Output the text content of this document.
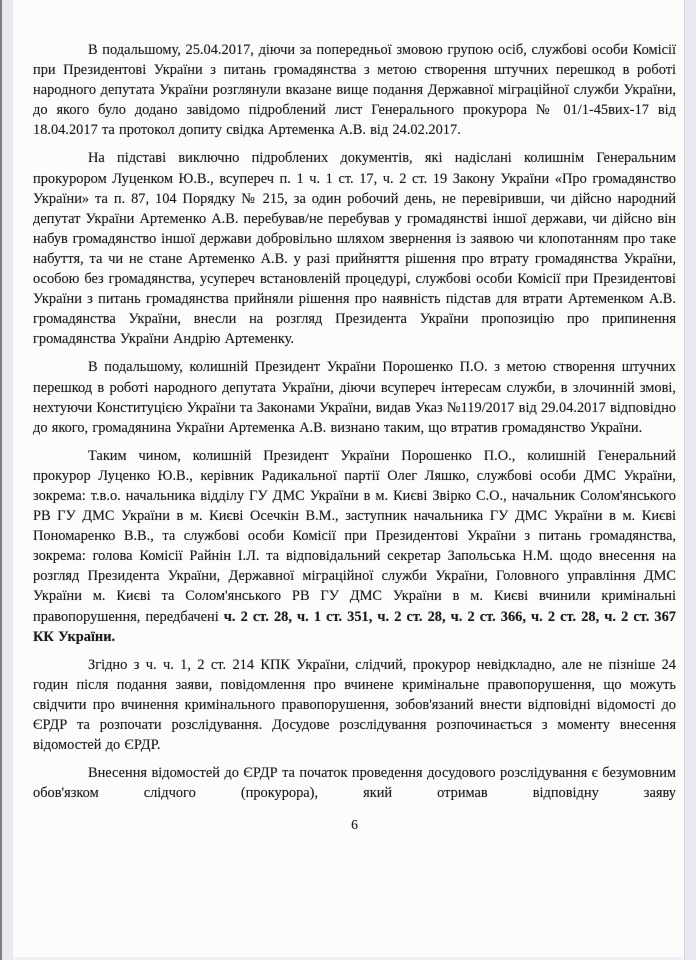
В подальшому, 25.04.2017, діючи за попередньої змовою групою осіб, службові особи Комісії при Президентові України з питань громадянства з метою створення штучних перешкод в роботі народного депутата України розглянули вказане вище подання Державної міграційної служби України, до якого було додано завідомо підроблений лист Генерального прокурора № 01/1-45вих-17 від 18.04.2017 та протокол допиту свідка Артеменка А.В. від 24.02.2017.

На підставі виключно підроблених документів, які надіслані колишнім Генеральним прокурором Луценком Ю.В., всупереч п. 1 ч. 1 ст. 17, ч. 2 ст. 19 Закону України «Про громадянство України» та п. 87, 104 Порядку № 215, за один робочий день, не перевіривши, чи дійсно народний депутат України Артеменко А.В. перебував/не перебував у громадянстві іншої держави, чи дійсно він набув громадянство іншої держави добровільно шляхом звернення із заявою чи клопотанням про таке набуття, та чи не стане Артеменко А.В. у разі прийняття рішення про втрату громадянства України, особою без громадянства, усупереч встановленій процедурі, службові особи Комісії при Президентові України з питань громадянства прийняли рішення про наявність підстав для втрати Артеменком А.В. громадянства України, внесли на розгляд Президента України пропозицію про припинення громадянства України Андрію Артеменку.

В подальшому, колишній Президент України Порошенко П.О. з метою створення штучних перешкод в роботі народного депутата України, діючи всупереч інтересам служби, в злочинній змові, нехтуючи Конституцією України та Законами України, видав Указ №119/2017 від 29.04.2017 відповідно до якого, громадянина України Артеменка А.В. визнано таким, що втратив громадянство України.

Таким чином, колишній Президент України Порошенко П.О., колишній Генеральний прокурор Луценко Ю.В., керівник Радикальної партії Олег Ляшко, службові особи ДМС України, зокрема: т.в.о. начальника відділу ГУ ДМС України в м. Києві Звірко С.О., начальник Солом'янського РВ ГУ ДМС України в м. Києві Осечкін В.М., заступник начальника ГУ ДМС України в м. Києві Пономаренко В.В., та службові особи Комісії при Президентові України з питань громадянства, зокрема: голова Комісії Райнін І.Л. та відповідальний секретар Запольська Н.М. щодо внесення на розгляд Президента України, Державної міграційної служби України, Головного управління ДМС України м. Києві та Солом'янського РВ ГУ ДМС України в м. Києві вчинили кримінальні правопорушення, передбачені ч. 2 ст. 28, ч. 1 ст. 351, ч. 2 ст. 28, ч. 2 ст. 366, ч. 2 ст. 28, ч. 2 ст. 367 КК України.

Згідно з ч. ч. 1, 2 ст. 214 КПК України, слідчий, прокурор невідкладно, але не пізніше 24 годин після подання заяви, повідомлення про вчинене кримінальне правопорушення, що можуть свідчити про вчинення кримінального правопорушення, зобов'язаний внести відповідні відомості до ЄРДР та розпочати розслідування. Досудове розслідування розпочинається з моменту внесення відомостей до ЄРДР.

Внесення відомостей до ЄРДР та початок проведення досудового розслідування є безумовним обов'язком слідчого (прокурора), який отримав відповідну заяву

6
